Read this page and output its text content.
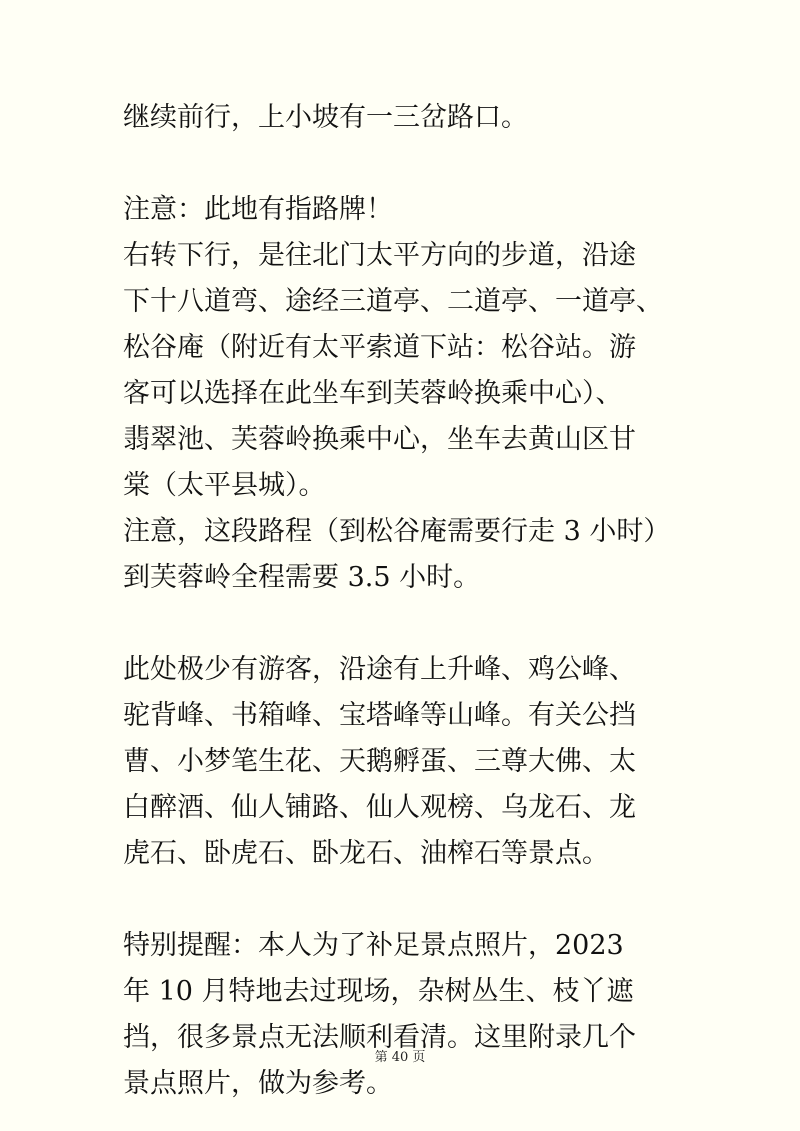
继续前行，上小坡有一三岔路口。
注意：此地有指路牌！
右转下行，是往北门太平方向的步道，沿途
下十八道弯、途经三道亭、二道亭、一道亭、
松谷庵（附近有太平索道下站：松谷站。游
客可以选择在此坐车到芙蓉岭换乘中心）、
翡翠池、芙蓉岭换乘中心，坐车去黄山区甘
棠（太平县城）。
注意，这段路程（到松谷庵需要行走 3 小时）
到芙蓉岭全程需要 3.5 小时。
此处极少有游客，沿途有上升峰、鸡公峰、
驼背峰、书箱峰、宝塔峰等山峰。有关公挡
曹、小梦笔生花、天鹅孵蛋、三尊大佛、太
白醉酒、仙人铺路、仙人观榜、乌龙石、龙
虎石、卧虎石、卧龙石、油榨石等景点。
特别提醒：本人为了补足景点照片，2023
年 10 月特地去过现场，杂树丛生、枝丫遮
挡，很多景点无法顺利看清。这里附录几个
景点照片，做为参考。
第 40 页
